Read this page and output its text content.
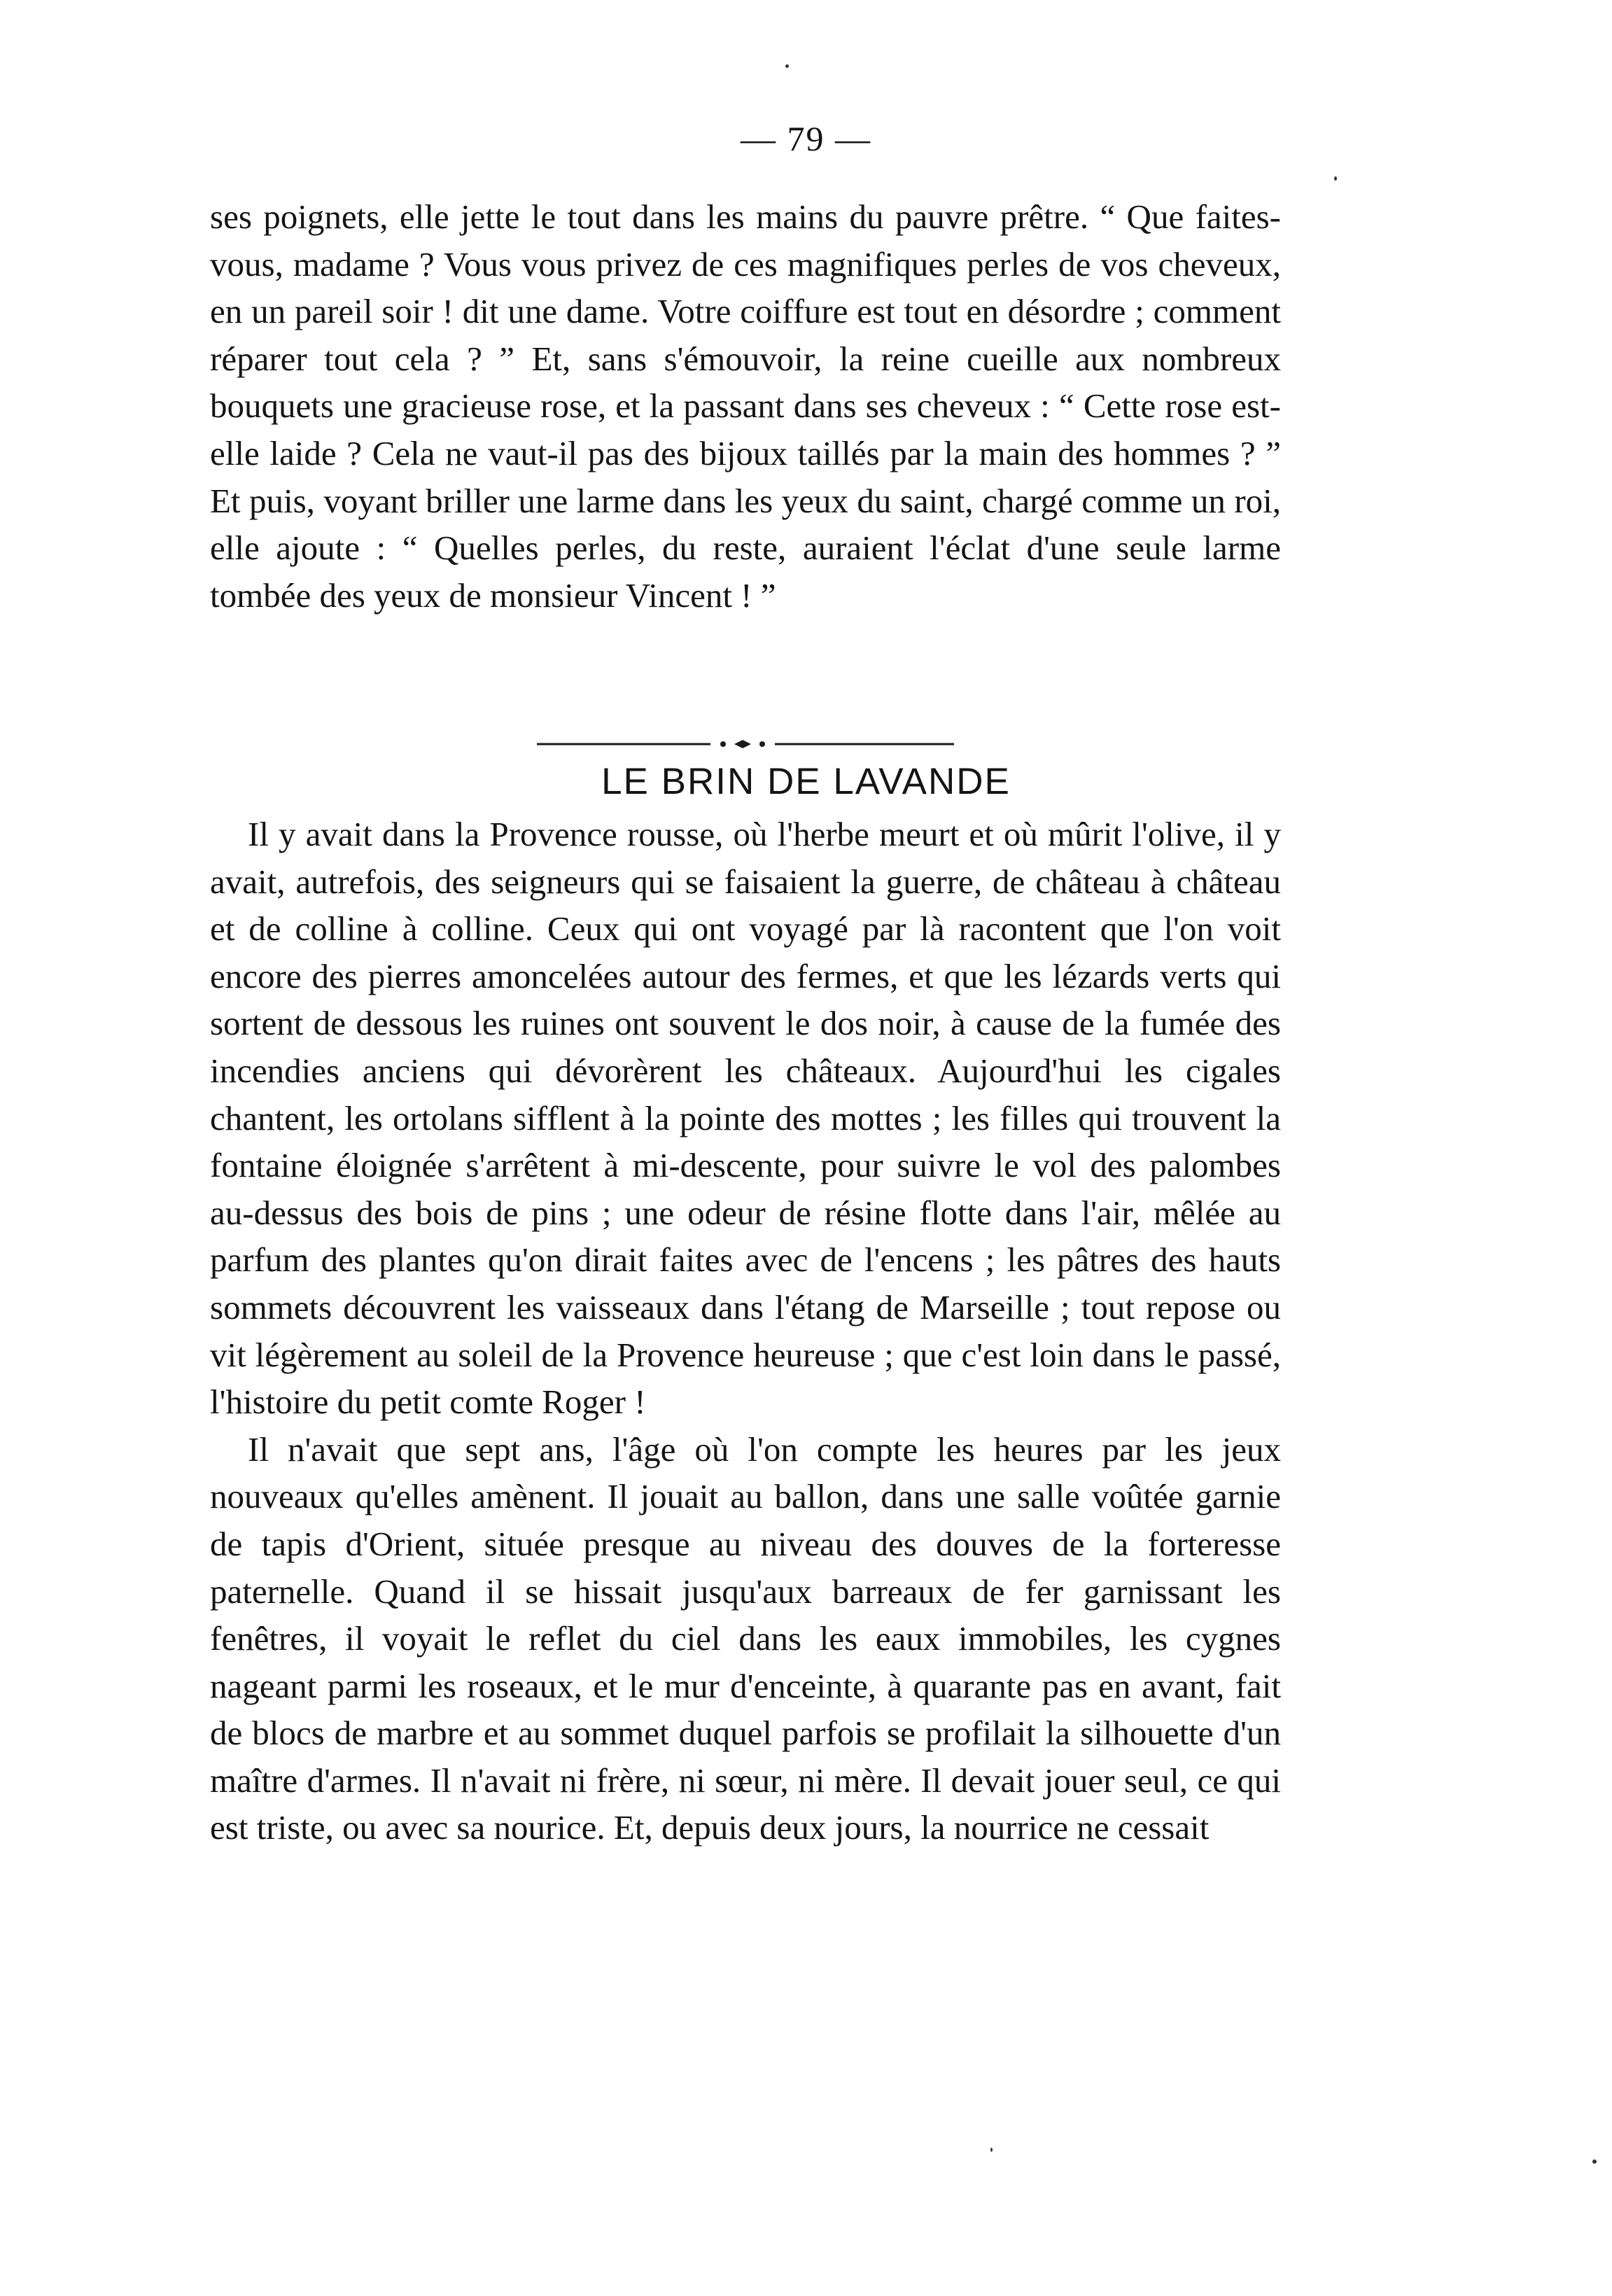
— 79 —

ses poignets, elle jette le tout dans les mains du pauvre prêtre. “ Que faites-vous, madame ? Vous vous privez de ces magnifiques perles de vos cheveux, en un pareil soir ! dit une dame. Votre coiffure est tout en désordre ; comment réparer tout cela ? ” Et, sans s'émouvoir, la reine cueille aux nombreux bouquets une gracieuse rose, et la passant dans ses cheveux : “ Cette rose est-elle laide ? Cela ne vaut-il pas des bijoux taillés par la main des hommes ? ” Et puis, voyant briller une larme dans les yeux du saint, chargé comme un roi, elle ajoute : “ Quelles perles, du reste, auraient l'éclat d'une seule larme tombée des yeux de monsieur Vincent ! ”

LE BRIN DE LAVANDE

Il y avait dans la Provence rousse, où l'herbe meurt et où mûrit l'olive, il y avait, autrefois, des seigneurs qui se faisaient la guerre, de château à château et de colline à colline. Ceux qui ont voyagé par là racontent que l'on voit encore des pierres amoncelées autour des fermes, et que les lézards verts qui sortent de dessous les ruines ont souvent le dos noir, à cause de la fumée des incendies anciens qui dévorèrent les châteaux. Aujourd'hui les cigales chantent, les ortolans sifflent à la pointe des mottes ; les filles qui trouvent la fontaine éloignée s'arrêtent à mi-descente, pour suivre le vol des palombes au-dessus des bois de pins ; une odeur de résine flotte dans l'air, mêlée au parfum des plantes qu'on dirait faites avec de l'encens ; les pâtres des hauts sommets découvrent les vaisseaux dans l'étang de Marseille ; tout repose ou vit légèrement au soleil de la Provence heureuse ; que c'est loin dans le passé, l'histoire du petit comte Roger !

Il n'avait que sept ans, l'âge où l'on compte les heures par les jeux nouveaux qu'elles amènent. Il jouait au ballon, dans une salle voûtée garnie de tapis d'Orient, située presque au niveau des douves de la forteresse paternelle. Quand il se hissait jusqu'aux barreaux de fer garnissant les fenêtres, il voyait le reflet du ciel dans les eaux immobiles, les cygnes nageant parmi les roseaux, et le mur d'enceinte, à quarante pas en avant, fait de blocs de marbre et au sommet duquel parfois se profilait la silhouette d'un maître d'armes. Il n'avait ni frère, ni sœur, ni mère. Il devait jouer seul, ce qui est triste, ou avec sa nourice. Et, depuis deux jours, la nourrice ne cessait
